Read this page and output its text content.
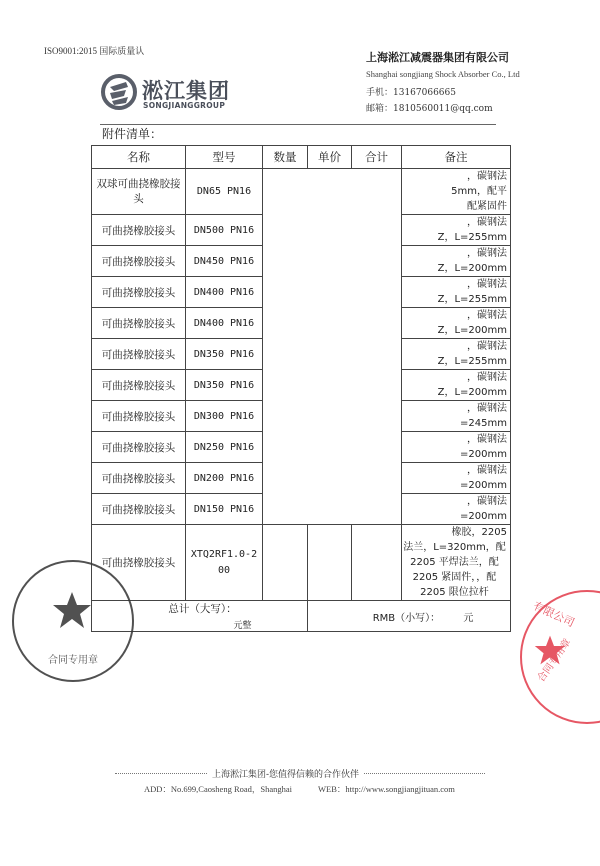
ISO9001:2015 国际质量认
淞江集团
SONGJIANGGROUP
上海淞江减震器集团有限公司
Shanghai songjiang Shock Absorber Co., Ltd
手机：13167066665
邮箱：1810560011@qq.com
附件清单：
名称	型号	数量	单价	合计	备注
双球可曲挠橡胶接头	DN65 PN16				，碳钢法
5mm，配平
配紧固件

可曲挠橡胶接头	DN500 PN16				，碳钢法
Z，L=255mm

可曲挠橡胶接头	DN450 PN16				，碳钢法
Z，L=200mm

可曲挠橡胶接头	DN400 PN16				，碳钢法
Z，L=255mm

可曲挠橡胶接头	DN400 PN16				，碳钢法
Z，L=200mm

可曲挠橡胶接头	DN350 PN16				，碳钢法
Z，L=255mm

可曲挠橡胶接头	DN350 PN16				，碳钢法
Z，L=200mm

可曲挠橡胶接头	DN300 PN16				，碳钢法
=245mm

可曲挠橡胶接头	DN250 PN16				，碳钢法
=200mm

可曲挠橡胶接头	DN200 PN16				，碳钢法
=200mm

可曲挠橡胶接头	DN150 PN16				，碳钢法
=200mm

可曲挠橡胶接头	XTQ2RF1.0-200				橡胶，2205
法兰，L=320mm，配
2205 平焊法兰，配
2205 紧固件，，配
2205 限位拉杆

总计（大写）：
元整			RMB（小写）： 元		
合同专用章
有限公司
合同专用章
上海淞江集团-您值得信赖的合作伙伴
ADD：No.699,Caosheng Road，Shanghai	WEB：http://www.songjiangjituan.com
